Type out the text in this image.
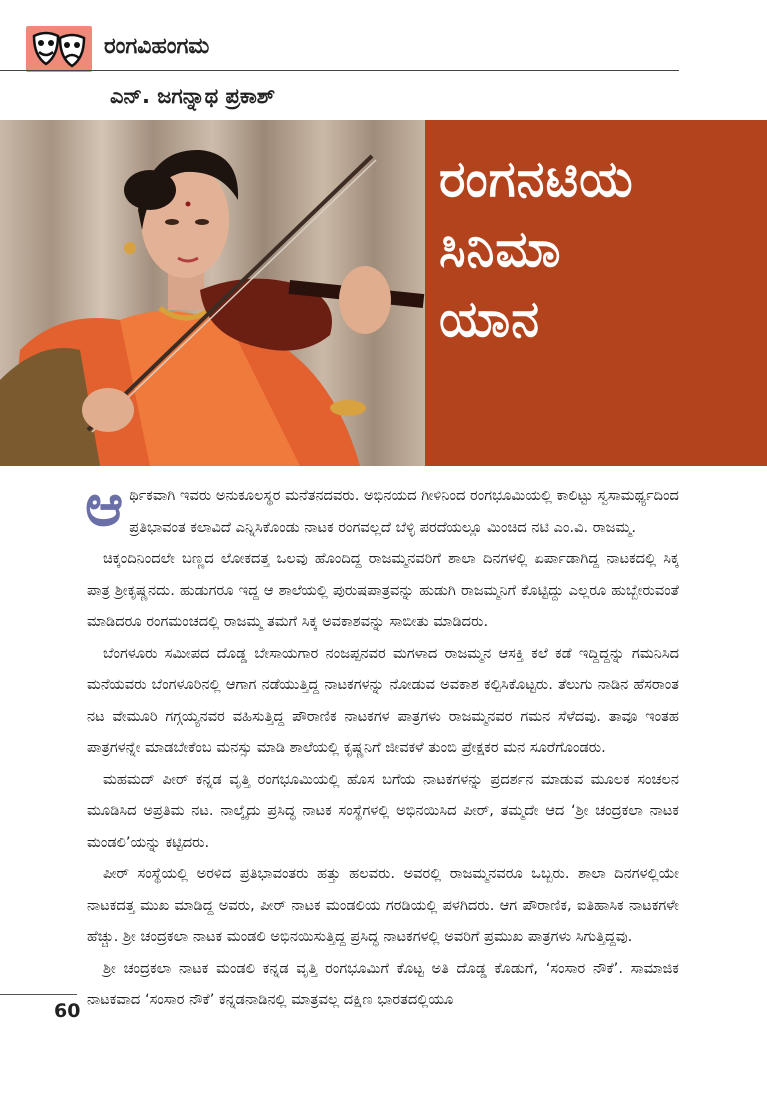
ರಂಗವಿಹಂಗಮ
ಎನ್. ಜಗನ್ನಾಥ ಪ್ರಕಾಶ್
ರಂಗನಟಿಯ
ಸಿನಿಮಾ
ಯಾನ

ಆರ್ಥಿಕವಾಗಿ ಇವರು ಅನುಕೂಲಸ್ಥರ ಮನೆತನದವರು. ಅಭಿನಯದ ಗೀಳಿನಿಂದ ರಂಗಭೂಮಿಯಲ್ಲಿ ಕಾಲಿಟ್ಟು ಸ್ವಸಾಮರ್ಥ್ಯದಿಂದ ಪ್ರತಿಭಾವಂತ ಕಲಾವಿದೆ ಎನ್ನಿಸಿಕೊಂಡು ನಾಟಕ ರಂಗವಲ್ಲದೆ ಬೆಳ್ಳಿ ಪರದೆಯಲ್ಲೂ ಮಿಂಚಿದ ನಟಿ ಎಂ.ವಿ. ರಾಜಮ್ಮ.

ಚಿಕ್ಕಂದಿನಿಂದಲೇ ಬಣ್ಣದ ಲೋಕದತ್ತ ಒಲವು ಹೊಂದಿದ್ದ ರಾಜಮ್ಮನವರಿಗೆ ಶಾಲಾ ದಿನಗಳಲ್ಲಿ ಏರ್ಪಾಡಾಗಿದ್ದ ನಾಟಕದಲ್ಲಿ ಸಿಕ್ಕ ಪಾತ್ರ ಶ್ರೀಕೃಷ್ಣನದು. ಹುಡುಗರೂ ಇದ್ದ ಆ ಶಾಲೆಯಲ್ಲಿ ಪುರುಷಪಾತ್ರವನ್ನು ಹುಡುಗಿ ರಾಜಮ್ಮನಿಗೆ ಕೊಟ್ಟಿದ್ದು ಎಲ್ಲರೂ ಹುಬ್ಬೇರುವಂತೆ ಮಾಡಿದರೂ ರಂಗಮಂಚದಲ್ಲಿ ರಾಜಮ್ಮ ತಮಗೆ ಸಿಕ್ಕ ಅವಕಾಶವನ್ನು ಸಾಬೀತು ಮಾಡಿದರು.

ಬೆಂಗಳೂರು ಸಮೀಪದ ದೊಡ್ಡ ಬೇಸಾಯಗಾರ ನಂಜಪ್ಪನವರ ಮಗಳಾದ ರಾಜಮ್ಮನ ಆಸಕ್ತಿ ಕಲೆ ಕಡೆ ಇದ್ದಿದ್ದನ್ನು ಗಮನಿಸಿದ ಮನೆಯವರು ಬೆಂಗಳೂರಿನಲ್ಲಿ ಆಗಾಗ ನಡೆಯುತ್ತಿದ್ದ ನಾಟಕಗಳನ್ನು ನೋಡುವ ಅವಕಾಶ ಕಲ್ಪಿಸಿಕೊಟ್ಟರು. ತೆಲುಗು ನಾಡಿನ ಹೆಸರಾಂತ ನಟ ವೇಮೂರಿ ಗಗ್ಗಯ್ಯನವರ ವಹಿಸುತ್ತಿದ್ದ ಪೌರಾಣಿಕ ನಾಟಕಗಳ ಪಾತ್ರಗಳು ರಾಜಮ್ಮನವರ ಗಮನ ಸೆಳೆದವು. ತಾವೂ ಇಂತಹ ಪಾತ್ರಗಳನ್ನೇ ಮಾಡಬೇಕೆಂಬ ಮನಸ್ಸು ಮಾಡಿ ಶಾಲೆಯಲ್ಲಿ ಕೃಷ್ಣನಿಗೆ ಜೀವಕಳೆ ತುಂಬಿ ಪ್ರೇಕ್ಷಕರ ಮನ ಸೂರೆಗೊಂಡರು.

ಮಹಮದ್ ಪೀರ್ ಕನ್ನಡ ವೃತ್ತಿ ರಂಗಭೂಮಿಯಲ್ಲಿ ಹೊಸ ಬಗೆಯ ನಾಟಕಗಳನ್ನು ಪ್ರದರ್ಶನ ಮಾಡುವ ಮೂಲಕ ಸಂಚಲನ ಮೂಡಿಸಿದ ಅಪ್ರತಿಮ ನಟ. ನಾಲ್ಕೈದು ಪ್ರಸಿದ್ಧ ನಾಟಕ ಸಂಸ್ಥೆಗಳಲ್ಲಿ ಅಭಿನಯಿಸಿದ ಪೀರ್, ತಮ್ಮದೇ ಆದ ‘ಶ್ರೀ ಚಂದ್ರಕಲಾ ನಾಟಕ ಮಂಡಲಿ’ಯನ್ನು ಕಟ್ಟಿದರು.

ಪೀರ್ ಸಂಸ್ಥೆಯಲ್ಲಿ ಅರಳಿದ ಪ್ರತಿಭಾವಂತರು ಹತ್ತು ಹಲವರು. ಅವರಲ್ಲಿ ರಾಜಮ್ಮನವರೂ ಒಬ್ಬರು. ಶಾಲಾ ದಿನಗಳಲ್ಲಿಯೇ ನಾಟಕದತ್ತ ಮುಖ ಮಾಡಿದ್ದ ಅವರು, ಪೀರ್ ನಾಟಕ ಮಂಡಲಿಯ ಗರಡಿಯಲ್ಲಿ ಪಳಗಿದರು. ಆಗ ಪೌರಾಣಿಕ, ಐತಿಹಾಸಿಕ ನಾಟಕಗಳೇ ಹೆಚ್ಚು. ಶ್ರೀ ಚಂದ್ರಕಲಾ ನಾಟಕ ಮಂಡಲಿ ಅಭಿನಯಿಸುತ್ತಿದ್ದ ಪ್ರಸಿದ್ಧ ನಾಟಕಗಳಲ್ಲಿ ಅವರಿಗೆ ಪ್ರಮುಖ ಪಾತ್ರಗಳು ಸಿಗುತ್ತಿದ್ದವು.

ಶ್ರೀ ಚಂದ್ರಕಲಾ ನಾಟಕ ಮಂಡಲಿ ಕನ್ನಡ ವೃತ್ತಿ ರಂಗಭೂಮಿಗೆ ಕೊಟ್ಟ ಅತಿ ದೊಡ್ಡ ಕೊಡುಗೆ, ‘ಸಂಸಾರ ನೌಕೆ’. ಸಾಮಾಜಿಕ ನಾಟಕವಾದ ‘ಸಂಸಾರ ನೌಕೆ’ ಕನ್ನಡನಾಡಿನಲ್ಲಿ ಮಾತ್ರವಲ್ಲ ದಕ್ಷಿಣ ಭಾರತದಲ್ಲಿಯೂ

60
